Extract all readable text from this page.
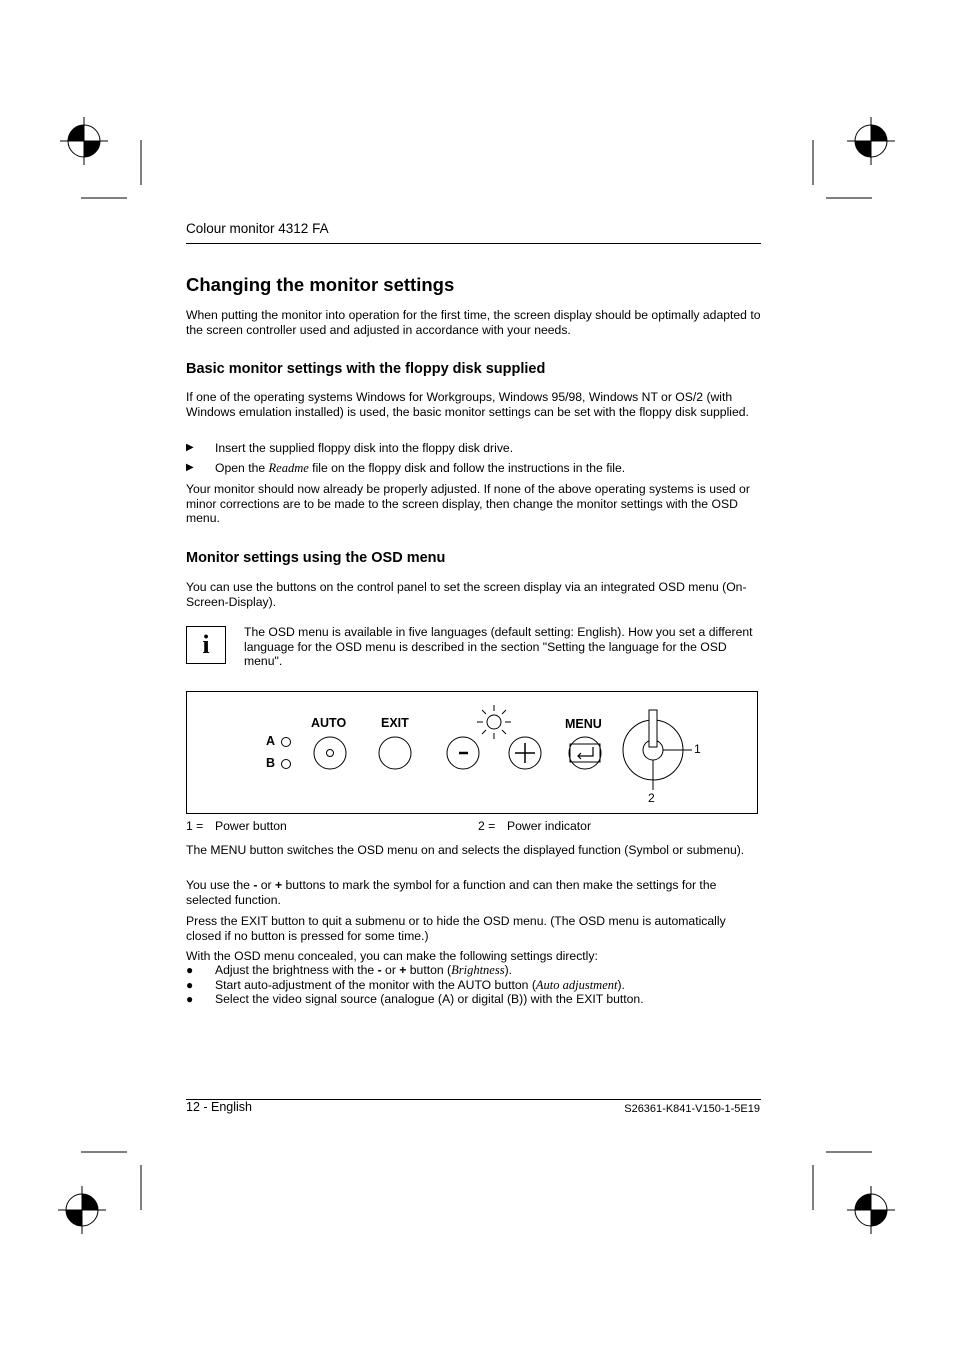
Colour monitor 4312 FA
Changing the monitor settings
When putting the monitor into operation for the first time, the screen display should be optimally adapted to the screen controller used and adjusted in accordance with your needs.
Basic monitor settings with the floppy disk supplied
If one of the operating systems Windows for Workgroups, Windows 95/98, Windows NT or OS/2 (with Windows emulation installed) is used, the basic monitor settings can be set with the floppy disk supplied.
▶ Insert the supplied floppy disk into the floppy disk drive.
▶ Open the Readme file on the floppy disk and follow the instructions in the file.
Your monitor should now already be properly adjusted. If none of the above operating systems is used or minor corrections are to be made to the screen display, then change the monitor settings with the OSD menu.
Monitor settings using the OSD menu
You can use the buttons on the control panel to set the screen display via an integrated OSD menu (On-Screen-Display).
i	The OSD menu is available in five languages (default setting: English). How you set a different language for the OSD menu is described in the section "Setting the language for the OSD menu".
A
B
AUTO	EXIT	MENU
1
2
1 = Power button	2 = Power indicator
The MENU button switches the OSD menu on and selects the displayed function (Symbol or submenu).
You use the - or + buttons to mark the symbol for a function and can then make the settings for the selected function.
Press the EXIT button to quit a submenu or to hide the OSD menu. (The OSD menu is automatically closed if no button is pressed for some time.)
With the OSD menu concealed, you can make the following settings directly:
● Adjust the brightness with the - or + button (Brightness).
● Start auto-adjustment of the monitor with the AUTO button (Auto adjustment).
● Select the video signal source (analogue (A) or digital (B)) with the EXIT button.
12 - English	S26361-K841-V150-1-5E19
